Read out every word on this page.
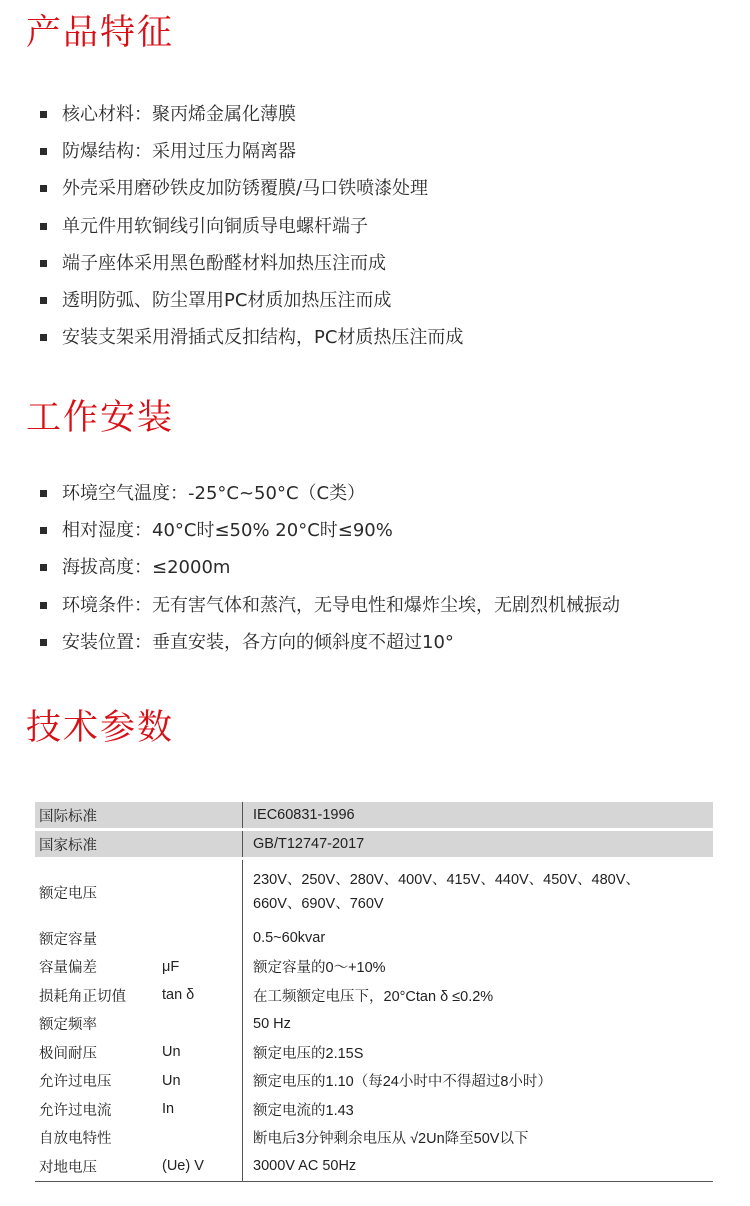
产品特征
核心材料：聚丙烯金属化薄膜
防爆结构：采用过压力隔离器
外壳采用磨砂铁皮加防锈覆膜/马口铁喷漆处理
单元件用软铜线引向铜质导电螺杆端子
端子座体采用黑色酚醛材料加热压注而成
透明防弧、防尘罩用PC材质加热压注而成
安装支架采用滑插式反扣结构，PC材质热压注而成
工作安装
环境空气温度：-25°C~50°C（C类）
相对湿度：40°C时≤50% 20°C时≤90%
海拔高度：≤2000m
环境条件：无有害气体和蒸汽，无导电性和爆炸尘埃，无剧烈机械振动
安装位置：垂直安装，各方向的倾斜度不超过10°
技术参数
国际标准		IEC60831-1996
国家标准		GB/T12747-2017
额定电压		230V、250V、280V、400V、415V、440V、450V、480V、
660V、690V、760V
额定容量		0.5~60kvar
容量偏差	μF	额定容量的0～+10%
损耗角正切值	tan δ	在工频额定电压下，20°Ctan δ ≤0.2%
额定频率		50 Hz
极间耐压	Un	额定电压的2.15S
允许过电压	Un	额定电压的1.10（每24小时中不得超过8小时）
允许过电流	In	额定电流的1.43
自放电特性		断电后3分钟剩余电压从 √2Un降至50V以下
对地电压	(Ue) V	3000V AC 50Hz
